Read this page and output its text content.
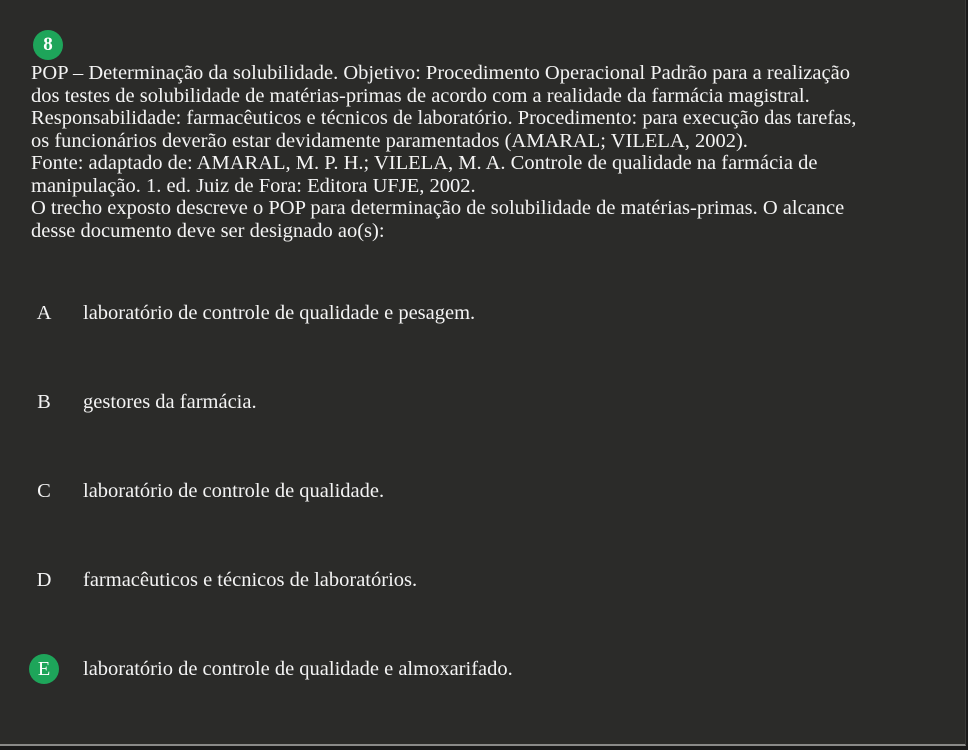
8

POP – Determinação da solubilidade. Objetivo: Procedimento Operacional Padrão para a realização

dos testes de solubilidade de matérias-primas de acordo com a realidade da farmácia magistral.

Responsabilidade: farmacêuticos e técnicos de laboratório. Procedimento: para execução das tarefas,

os funcionários deverão estar devidamente paramentados (AMARAL; VILELA, 2002).

Fonte: adaptado de: AMARAL, M. P. H.; VILELA, M. A. Controle de qualidade na farmácia de

manipulação. 1. ed. Juiz de Fora: Editora UFJE, 2002.

O trecho exposto descreve o POP para determinação de solubilidade de matérias-primas. O alcance

desse documento deve ser designado ao(s):

A	laboratório de controle de qualidade e pesagem.
B	gestores da farmácia.
C	laboratório de controle de qualidade.
D	farmacêuticos e técnicos de laboratórios.
E	laboratório de controle de qualidade e almoxarifado.
